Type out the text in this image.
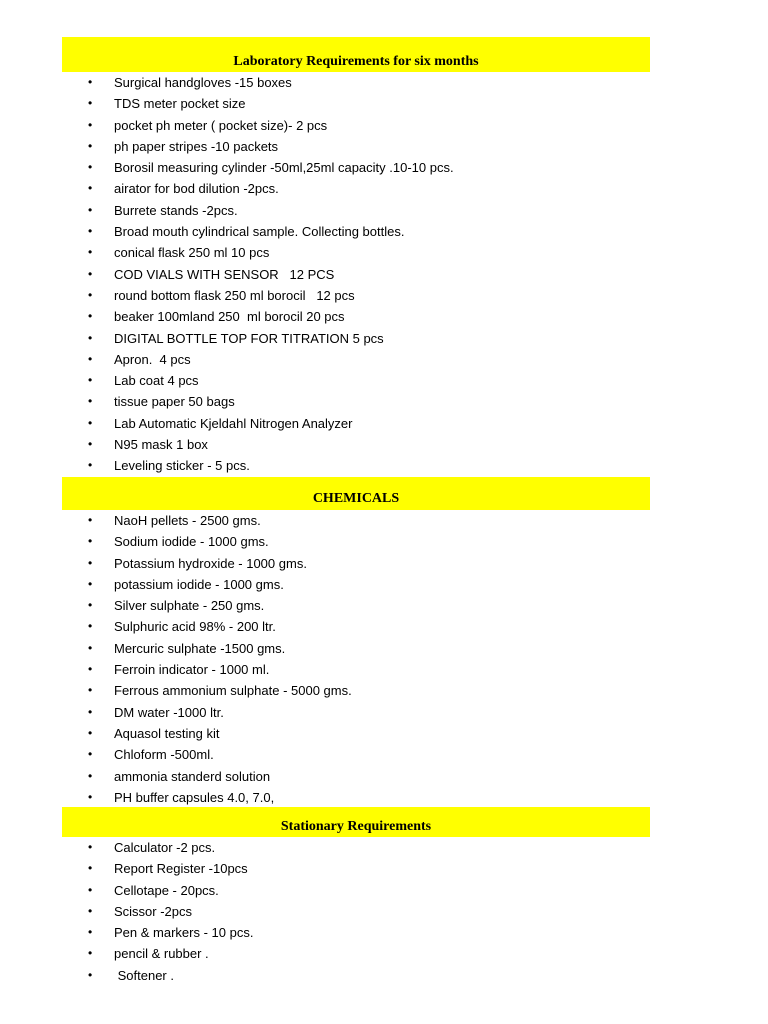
Laboratory Requirements for six months
• Surgical handgloves -15 boxes
• TDS meter pocket size
• pocket ph meter ( pocket size)- 2 pcs
• ph paper stripes -10 packets
• Borosil measuring cylinder -50ml,25ml capacity .10-10 pcs.
• airator for bod dilution -2pcs.
• Burrete stands -2pcs.
• Broad mouth cylindrical sample. Collecting bottles.
• conical flask 250 ml 10 pcs
• COD VIALS WITH SENSOR   12 PCS
• round bottom flask 250 ml borocil   12 pcs
• beaker 100mland 250  ml borocil 20 pcs
• DIGITAL BOTTLE TOP FOR TITRATION 5 pcs
• Apron.  4 pcs
• Lab coat 4 pcs
• tissue paper 50 bags
• Lab Automatic Kjeldahl Nitrogen Analyzer
• N95 mask 1 box
• Leveling sticker - 5 pcs.
CHEMICALS
• NaoH pellets - 2500 gms.
• Sodium iodide - 1000 gms.
• Potassium hydroxide - 1000 gms.
• potassium iodide - 1000 gms.
• Silver sulphate - 250 gms.
• Sulphuric acid 98% - 200 ltr.
• Mercuric sulphate -1500 gms.
• Ferroin indicator - 1000 ml.
• Ferrous ammonium sulphate - 5000 gms.
• DM water -1000 ltr.
• Aquasol testing kit
• Chloform -500ml.
• ammonia standerd solution
• PH buffer capsules 4.0, 7.0,
Stationary Requirements
• Calculator -2 pcs.
• Report Register -10pcs
• Cellotape - 20pcs.
• Scissor -2pcs
• Pen & markers - 10 pcs.
• pencil & rubber .
• Softener .
